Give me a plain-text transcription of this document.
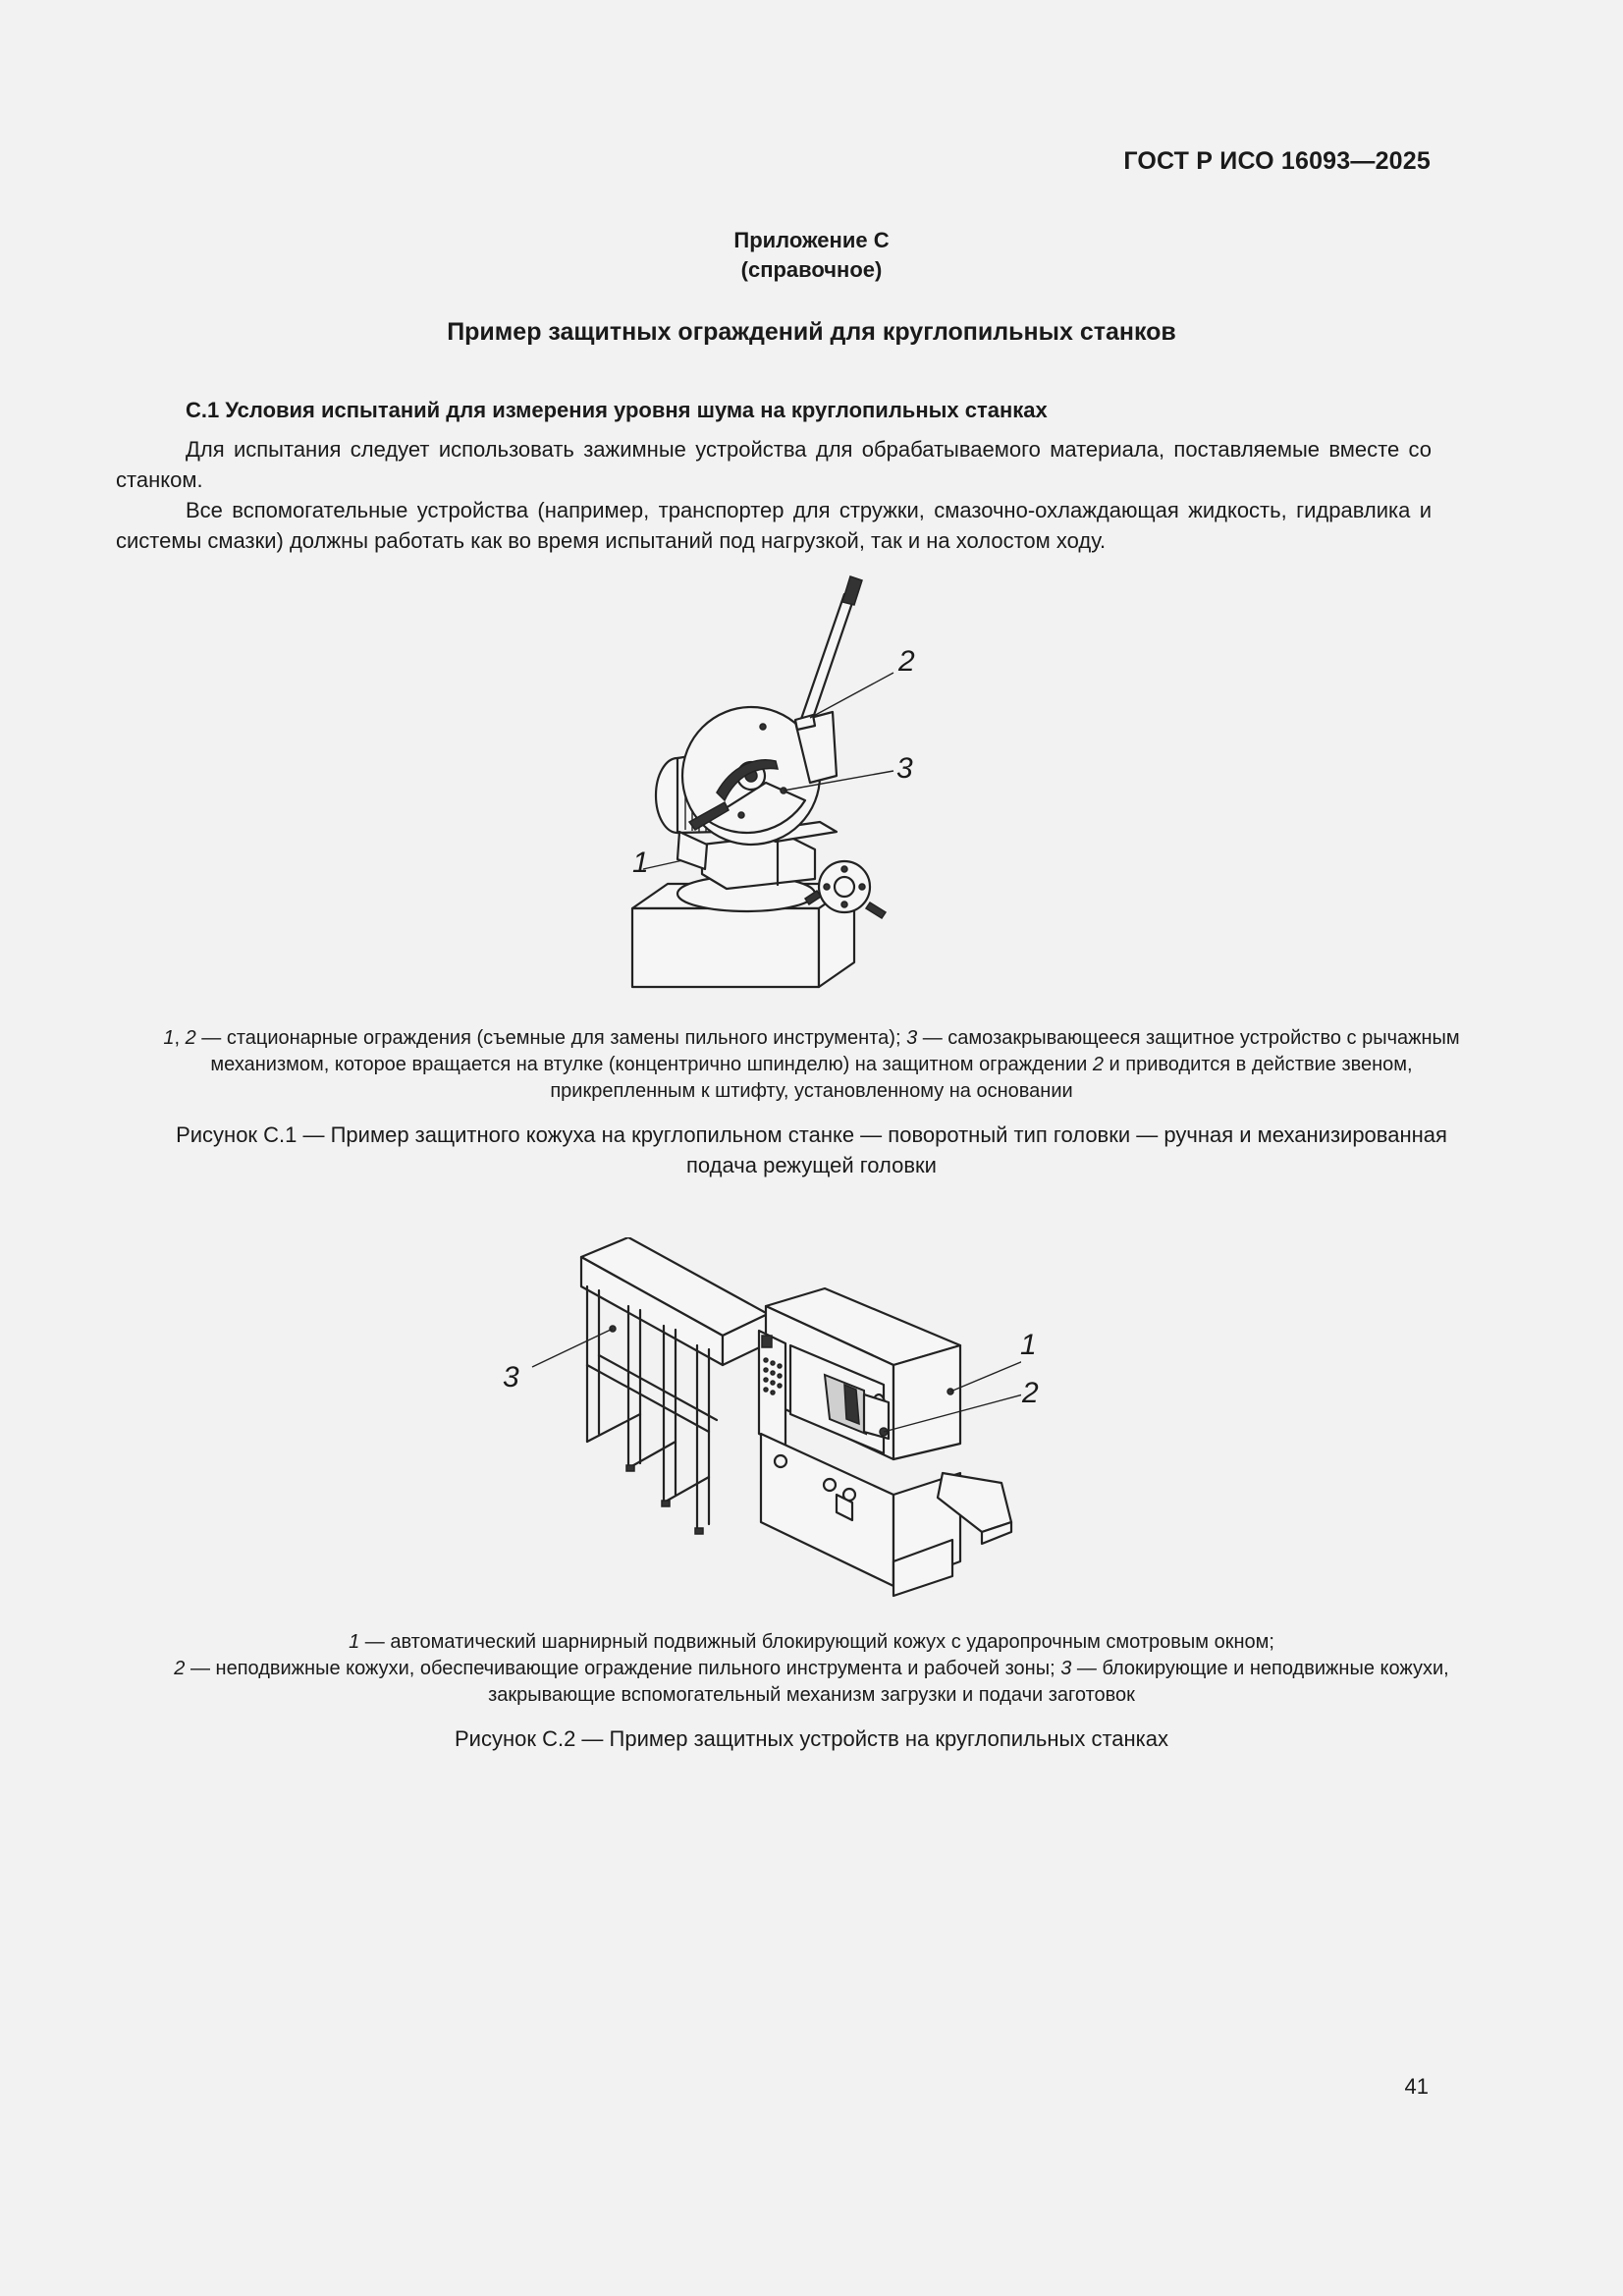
ГОСТ Р ИСО 16093—2025
Приложение С
(справочное)
Пример защитных ограждений для круглопильных станков
С.1 Условия испытаний для измерения уровня шума на круглопильных станках
Для испытания следует использовать зажимные устройства для обрабатываемого материала, поставляемые вместе со станком.
Все вспомогательные устройства (например, транспортер для стружки, смазочно-охлаждающая жидкость, гидравлика и системы смазки) должны работать как во время испытаний под нагрузкой, так и на холостом ходу.
2
3
1
1, 2 — стационарные ограждения (съемные для замены пильного инструмента); 3 — самозакрывающееся защитное устройство с рычажным механизмом, которое вращается на втулке (концентрично шпинделю) на защитном ограждении 2 и приводится в действие звеном, прикрепленным к штифту, установленному на основании
Рисунок С.1 — Пример защитного кожуха на круглопильном станке — поворотный тип головки — ручная и механизированная подача режущей головки
1
2
3
1 — автоматический шарнирный подвижный блокирующий кожух с ударопрочным смотровым окном;
2 — неподвижные кожухи, обеспечивающие ограждение пильного инструмента и рабочей зоны; 3 — блокирующие и неподвижные кожухи, закрывающие вспомогательный механизм загрузки и подачи заготовок
Рисунок С.2 — Пример защитных устройств на круглопильных станках
41
